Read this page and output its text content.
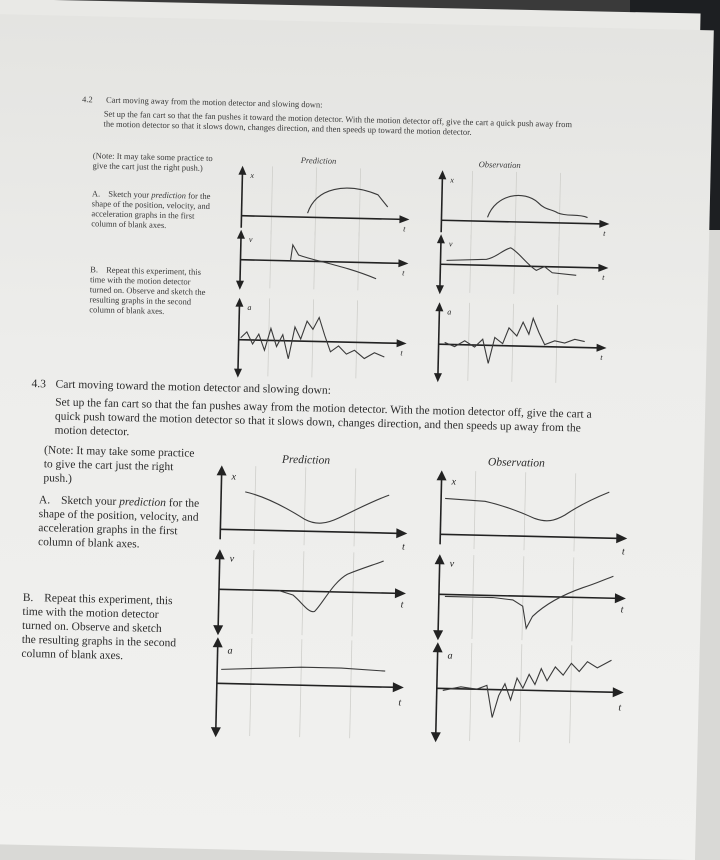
4.2 Cart moving away from the motion detector and slowing down:
Set up the fan cart so that the fan pushes it toward the motion detector. With the motion detector off, give the cart a quick push away from the motion detector so that it slows down, changes direction, and then speeds up toward the motion detector.
(Note: It may take some practice to give the cart just the right push.)
A. Sketch your prediction for the shape of the position, velocity, and acceleration graphs in the first column of blank axes.
B. Repeat this experiment, this time with the motion detector turned on. Observe and sketch the resulting graphs in the second column of blank axes.
Prediction	Observation
x
t
v
t
a
t
x
t
v
t
a
t
4.3 Cart moving toward the motion detector and slowing down:
Set up the fan cart so that the fan pushes away from the motion detector. With the motion detector off, give the cart a quick push toward the motion detector so that it slows down, changes direction, and then speeds up away from the motion detector.
(Note: It may take some practice to give the cart just the right push.)
A. Sketch your prediction for the shape of the position, velocity, and acceleration graphs in the first column of blank axes.
B. Repeat this experiment, this time with the motion detector turned on. Observe and sketch the resulting graphs in the second column of blank axes.
Prediction	Observation
x
t
v
t
a
t
x
t
v
t
a
t
